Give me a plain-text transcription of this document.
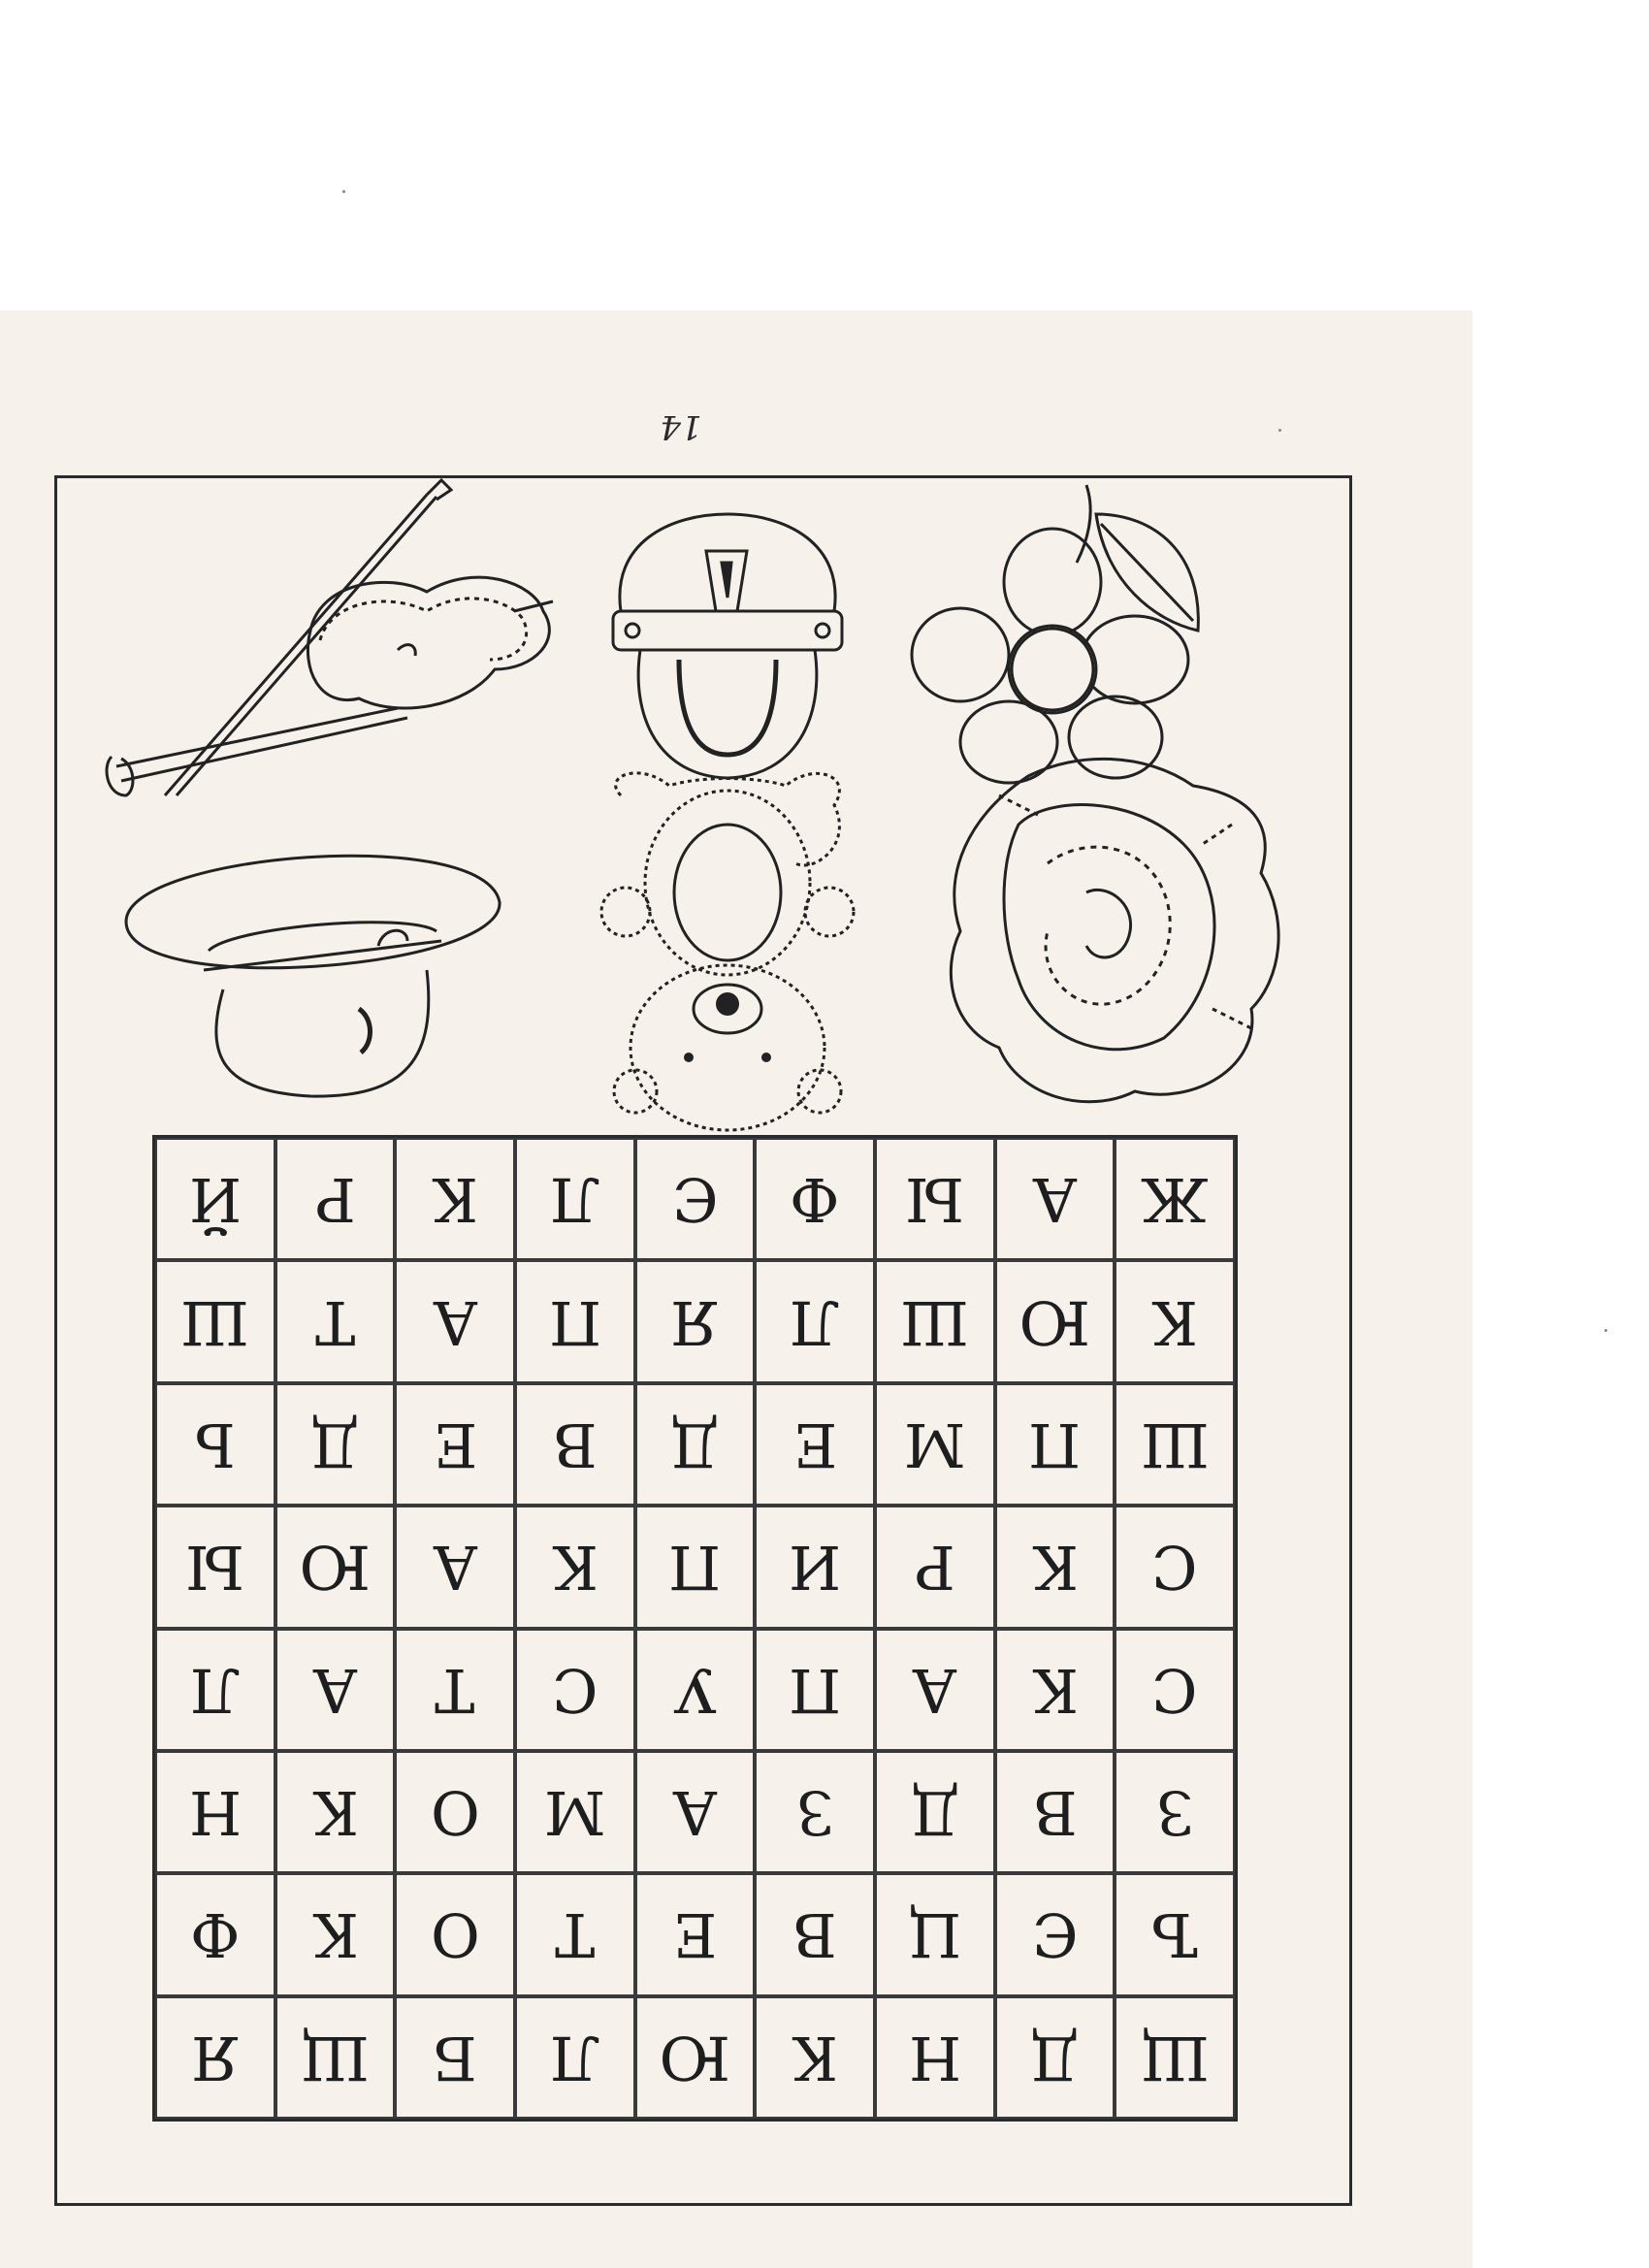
14
Й Р К Л Є Ф Ы А Ж
Ш Т А П Я Л Ш Ю К
Ь Д Е В Д Е М П Ш
Ы Ю А К П И Р К С
Л А Т С У П А К С
Н К О М А З Д В З
Ф К О Т Е В Ц Є Ъ
Я Щ Б Л Ю К Н Д Щ
